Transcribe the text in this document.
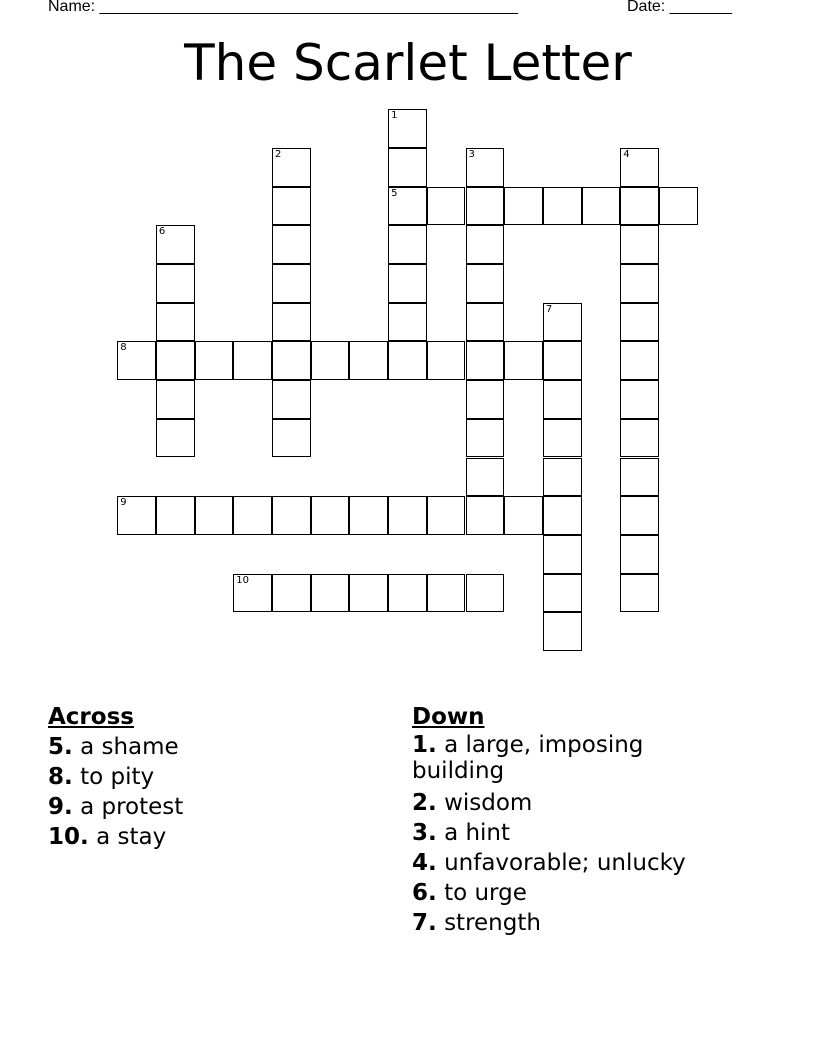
Name: _______________________________________________	Date: _______
The Scarlet Letter
1
5
2	3	4
6
7
8
9
10
Across
5. a shame
8. to pity
9. a protest
10. a stay
Down
1. a large, imposing building
2. wisdom
3. a hint
4. unfavorable; unlucky
6. to urge
7. strength
